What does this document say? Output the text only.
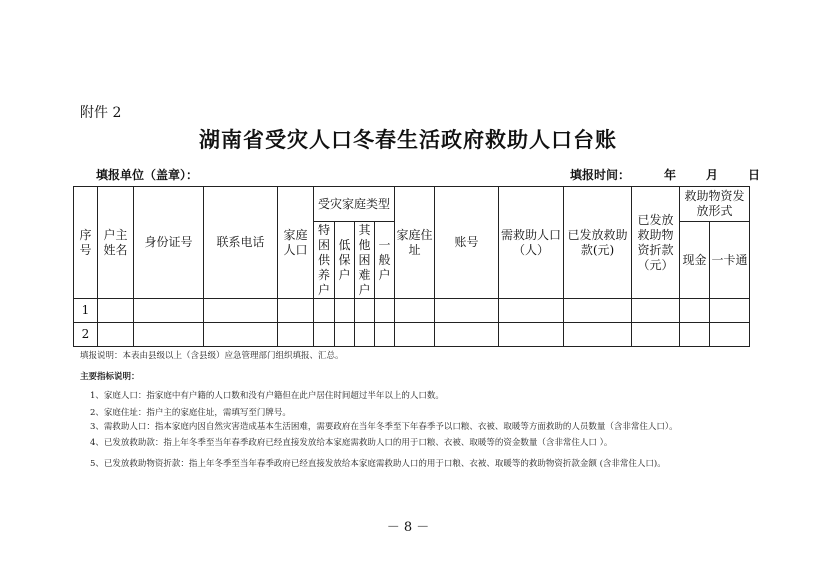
附件 2
湖南省受灾人口冬春生活政府救助人口台账
填报单位（盖章）：	填报时间：	年	月	日
序号	户主姓名	身份证号	联系电话	家庭人口	受灾家庭类型				家庭住址	账号	需救助人口（人）	已发放救助款(元)	已发放救助物资折款（元）	救助物资发放形式	
					特困供养户	低保户	其他困难户	一般户						现金	一卡通
1															
2															
填报说明：本表由县级以上（含县级）应急管理部门组织填报、汇总。
主要指标说明：
1、家庭人口：指家庭中有户籍的人口数和没有户籍但在此户居住时间超过半年以上的人口数。
2、家庭住址：指户主的家庭住址，需填写至门牌号。
3、需救助人口：指本家庭内因自然灾害造成基本生活困难，需要政府在当年冬季至下年春季予以口粮、衣被、取暖等方面救助的人员数量（含非常住人口）。
4、已发放救助款：指上年冬季至当年春季政府已经直接发放给本家庭需救助人口的用于口粮、衣被、取暖等的资金数量（含非常住人口 ）。
5、已发放救助物资折款：指上年冬季至当年春季政府已经直接发放给本家庭需救助人口的用于口粮、衣被、取暖等的救助物资折款金额 (含非常住人口)。
－ 8 －
